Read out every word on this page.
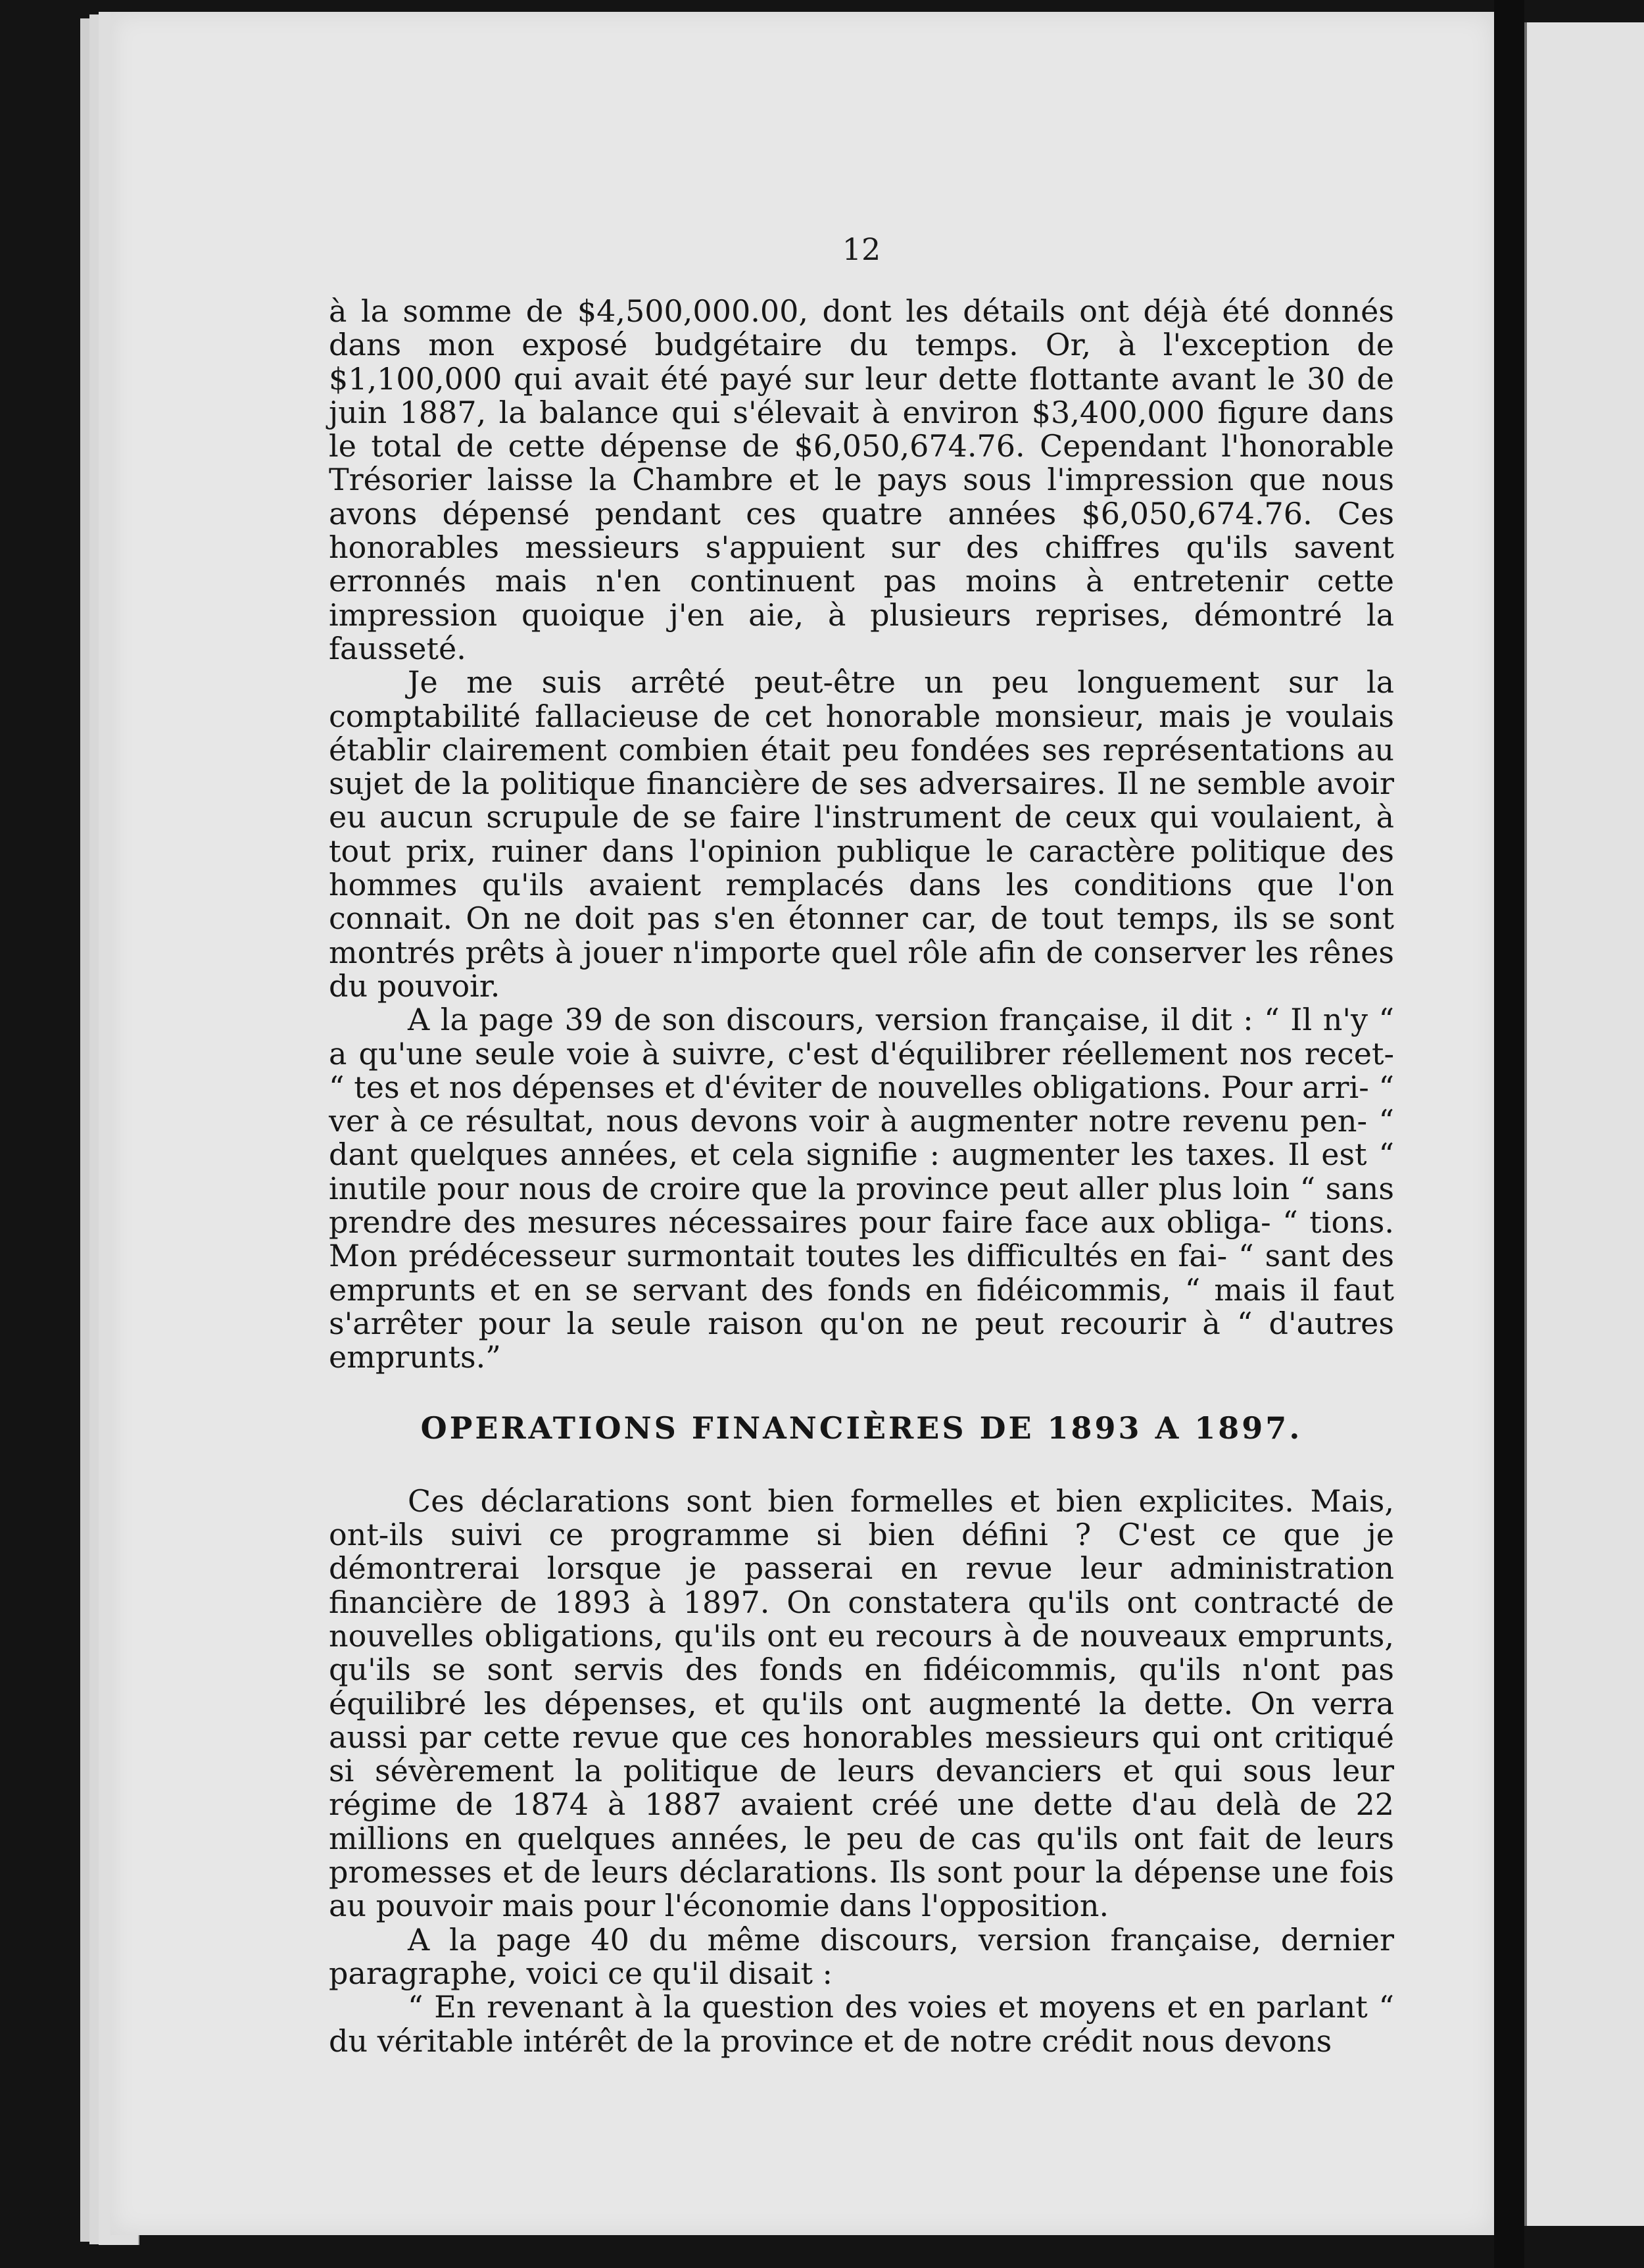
12

à la somme de $4,500,000.00, dont les détails ont déjà été donnés dans mon exposé budgétaire du temps. Or, à l'exception de $1,100,000 qui avait été payé sur leur dette flottante avant le 30 de juin 1887, la balance qui s'élevait à environ $3,400,000 figure dans le total de cette dépense de $6,050,674.76. Cependant l'honorable Trésorier laisse la Chambre et le pays sous l'impression que nous avons dépensé pendant ces quatre années $6,050,674.76. Ces honorables messieurs s'appuient sur des chiffres qu'ils savent erronnés mais n'en continuent pas moins à entretenir cette impression quoique j'en aie, à plusieurs reprises, démontré la fausseté.

Je me suis arrêté peut-être un peu longuement sur la comptabilité fallacieuse de cet honorable monsieur, mais je voulais établir clairement combien était peu fondées ses représentations au sujet de la politique financière de ses adversaires. Il ne semble avoir eu aucun scrupule de se faire l'instrument de ceux qui voulaient, à tout prix, ruiner dans l'opinion publique le caractère politique des hommes qu'ils avaient remplacés dans les conditions que l'on connait. On ne doit pas s'en étonner car, de tout temps, ils se sont montrés prêts à jouer n'importe quel rôle afin de conserver les rênes du pouvoir.

A la page 39 de son discours, version française, il dit : “ Il n'y “ a qu'une seule voie à suivre, c'est d'équilibrer réellement nos recet- “ tes et nos dépenses et d'éviter de nouvelles obligations. Pour arri- “ ver à ce résultat, nous devons voir à augmenter notre revenu pen- “ dant quelques années, et cela signifie : augmenter les taxes. Il est “ inutile pour nous de croire que la province peut aller plus loin “ sans prendre des mesures nécessaires pour faire face aux obliga- “ tions. Mon prédécesseur surmontait toutes les difficultés en fai- “ sant des emprunts et en se servant des fonds en fidéicommis, “ mais il faut s'arrêter pour la seule raison qu'on ne peut recourir à “ d'autres emprunts.”

OPERATIONS FINANCIÈRES DE 1893 A 1897.

Ces déclarations sont bien formelles et bien explicites. Mais, ont-ils suivi ce programme si bien défini ? C'est ce que je démontrerai lorsque je passerai en revue leur administration financière de 1893 à 1897. On constatera qu'ils ont contracté de nouvelles obligations, qu'ils ont eu recours à de nouveaux emprunts, qu'ils se sont servis des fonds en fidéicommis, qu'ils n'ont pas équilibré les dépenses, et qu'ils ont augmenté la dette. On verra aussi par cette revue que ces honorables messieurs qui ont critiqué si sévèrement la politique de leurs devanciers et qui sous leur régime de 1874 à 1887 avaient créé une dette d'au delà de 22 millions en quelques années, le peu de cas qu'ils ont fait de leurs promesses et de leurs déclarations. Ils sont pour la dépense une fois au pouvoir mais pour l'économie dans l'opposition.

A la page 40 du même discours, version française, dernier paragraphe, voici ce qu'il disait :

“ En revenant à la question des voies et moyens et en parlant “ du véritable intérêt de la province et de notre crédit nous devons
